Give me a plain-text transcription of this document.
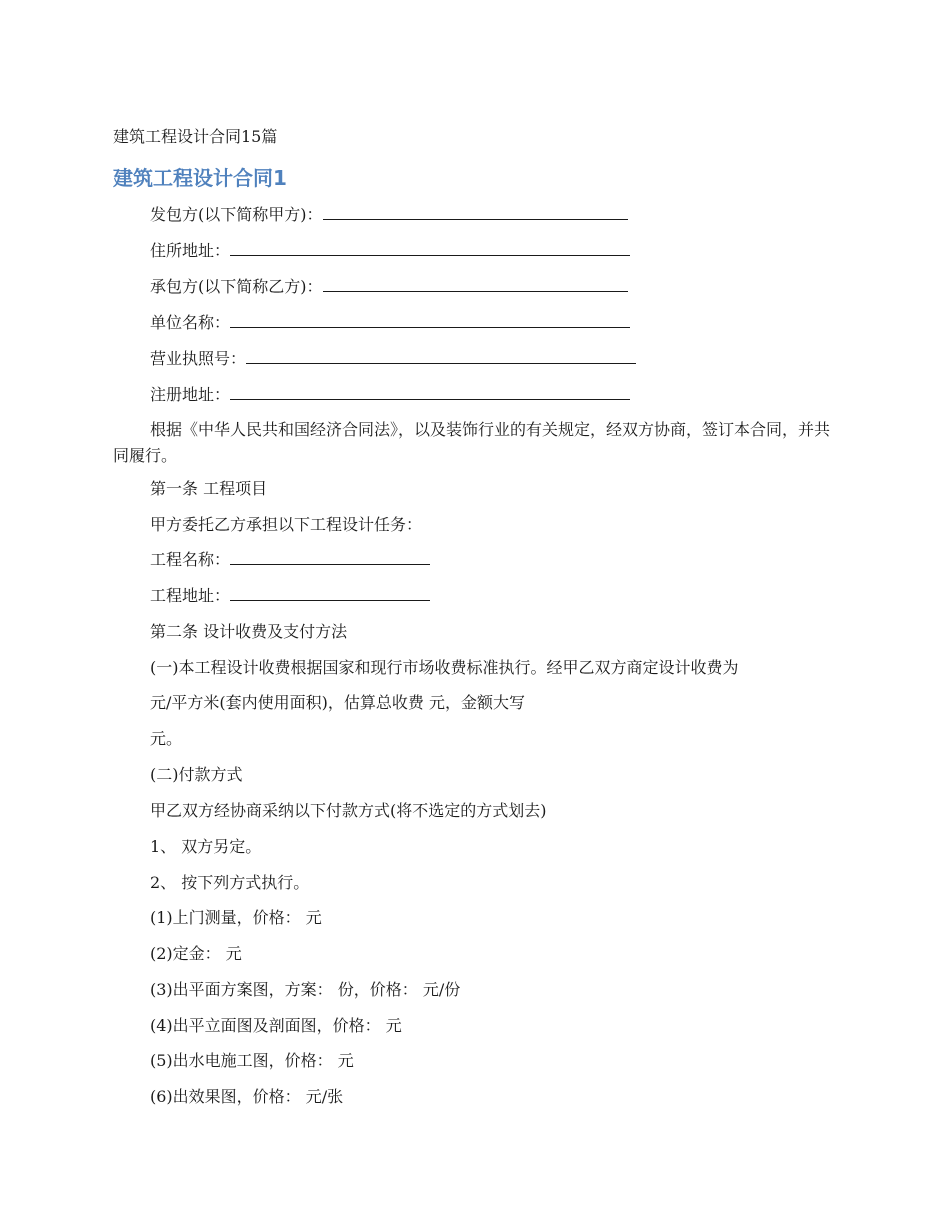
建筑工程设计合同15篇
建筑工程设计合同1
发包方(以下简称甲方)：
住所地址：
承包方(以下简称乙方)：
单位名称：
营业执照号：
注册地址：
根据《中华人民共和国经济合同法》，以及装饰行业的有关规定，经双方协商，签订本合同，并共同履行。
第一条 工程项目
甲方委托乙方承担以下工程设计任务：
工程名称：
工程地址：
第二条 设计收费及支付方法
(一)本工程设计收费根据国家和现行市场收费标准执行。经甲乙双方商定设计收费为
元/平方米(套内使用面积)，估算总收费 元，金额大写
元。
(二)付款方式
甲乙双方经协商采纳以下付款方式(将不选定的方式划去)
1、 双方另定。
2、 按下列方式执行。
(1)上门测量，价格： 元
(2)定金： 元
(3)出平面方案图，方案： 份，价格： 元/份
(4)出平立面图及剖面图，价格： 元
(5)出水电施工图，价格： 元
(6)出效果图，价格： 元/张
